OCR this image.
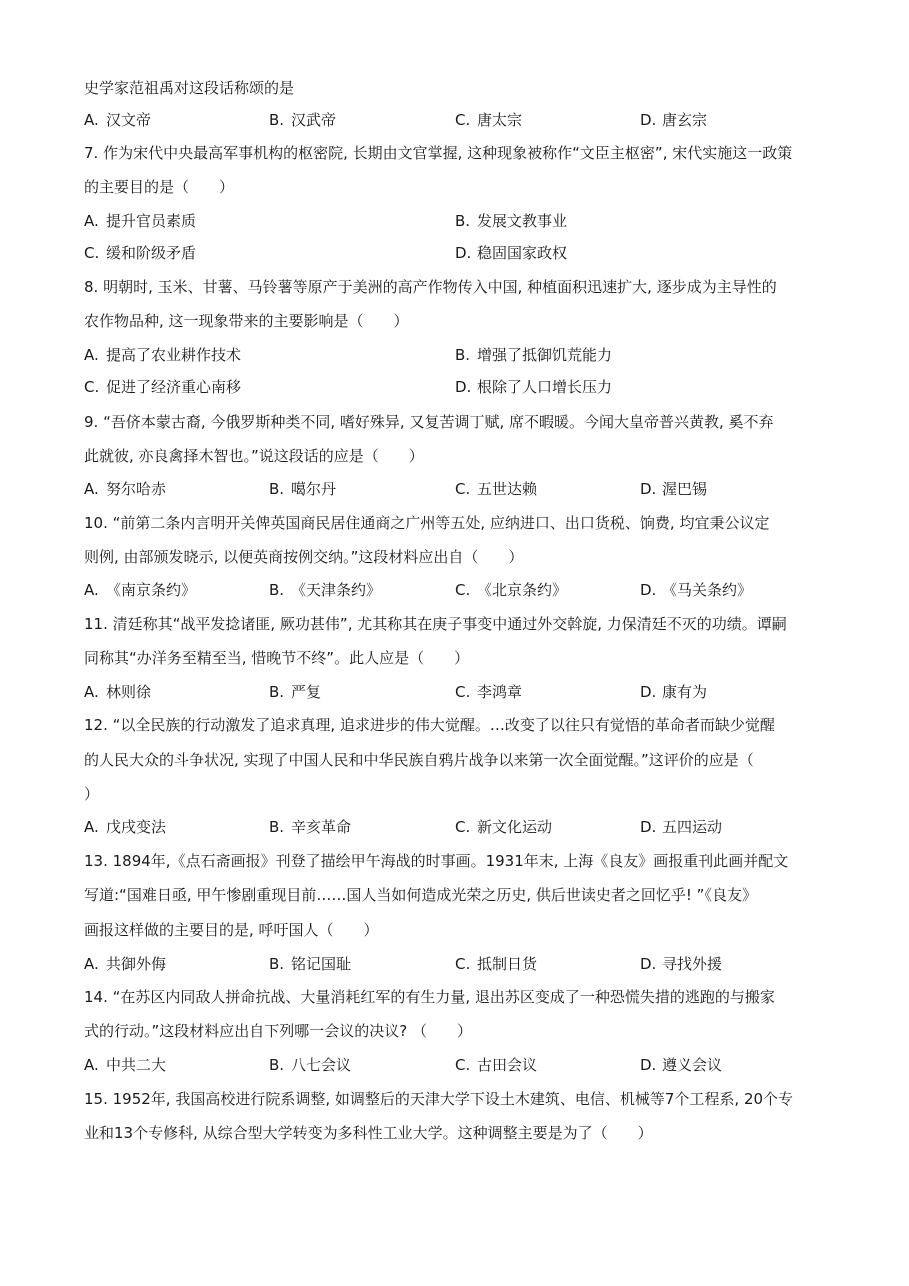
史学家范祖禹对这段话称颂的是
A. 汉文帝	B. 汉武帝	C. 唐太宗	D. 唐玄宗
7. 作为宋代中央最高军事机构的枢密院, 长期由文官掌握, 这种现象被称作“文臣主枢密”, 宋代实施这一政策
的主要目的是（　　）
A. 提升官员素质	B. 发展文教事业
C. 缓和阶级矛盾	D. 稳固国家政权
8. 明朝时, 玉米、甘薯、马铃薯等原产于美洲的高产作物传入中国, 种植面积迅速扩大, 逐步成为主导性的
农作物品种, 这一现象带来的主要影响是（　　）
A. 提高了农业耕作技术	B. 增强了抵御饥荒能力
C. 促进了经济重心南移	D. 根除了人口增长压力
9. “吾侪本蒙古裔, 今俄罗斯种类不同, 嗜好殊异, 又复苦调丁赋, 席不暇暖。今闻大皇帝普兴黄教, 奚不弃
此就彼, 亦良禽择木智也。”说这段话的应是（　　）
A. 努尔哈赤	B. 噶尔丹	C. 五世达赖	D. 渥巴锡
10. “前第二条内言明开关俾英国商民居住通商之广州等五处, 应纳进口、出口货税、饷费, 均宜秉公议定
则例, 由部颁发晓示, 以便英商按例交纳。”这段材料应出自（　　）
A. 《南京条约》	B. 《天津条约》	C. 《北京条约》	D. 《马关条约》
11. 清廷称其“战平发捻诸匪, 厥功甚伟”, 尤其称其在庚子事变中通过外交斡旋, 力保清廷不灭的功绩。谭嗣
同称其“办洋务至精至当, 惜晚节不终”。此人应是（　　）
A. 林则徐	B. 严复	C. 李鸿章	D. 康有为
12. “以全民族的行动激发了追求真理, 追求进步的伟大觉醒。…改变了以往只有觉悟的革命者而缺少觉醒
的人民大众的斗争状况, 实现了中国人民和中华民族自鸦片战争以来第一次全面觉醒。”这评价的应是（
）
A. 戊戌变法	B. 辛亥革命	C. 新文化运动	D. 五四运动
13. 1894年,《点石斋画报》刊登了描绘甲午海战的时事画。1931年末, 上海《良友》画报重刊此画并配文
写道:“国难日亟, 甲午惨剧重现目前……国人当如何造成光荣之历史, 供后世读史者之回忆乎! ”《良友》
画报这样做的主要目的是, 呼吁国人（　　）
A. 共御外侮	B. 铭记国耻	C. 抵制日货	D. 寻找外援
14. “在苏区内同敌人拼命抗战、大量消耗红军的有生力量, 退出苏区变成了一种恐慌失措的逃跑的与搬家
式的行动。”这段材料应出自下列哪一会议的决议? （　　）
A. 中共二大	B. 八七会议	C. 古田会议	D. 遵义会议
15. 1952年, 我国高校进行院系调整, 如调整后的天津大学下设土木建筑、电信、机械等7个工程系, 20个专
业和13个专修科, 从综合型大学转变为多科性工业大学。这种调整主要是为了（　　）
